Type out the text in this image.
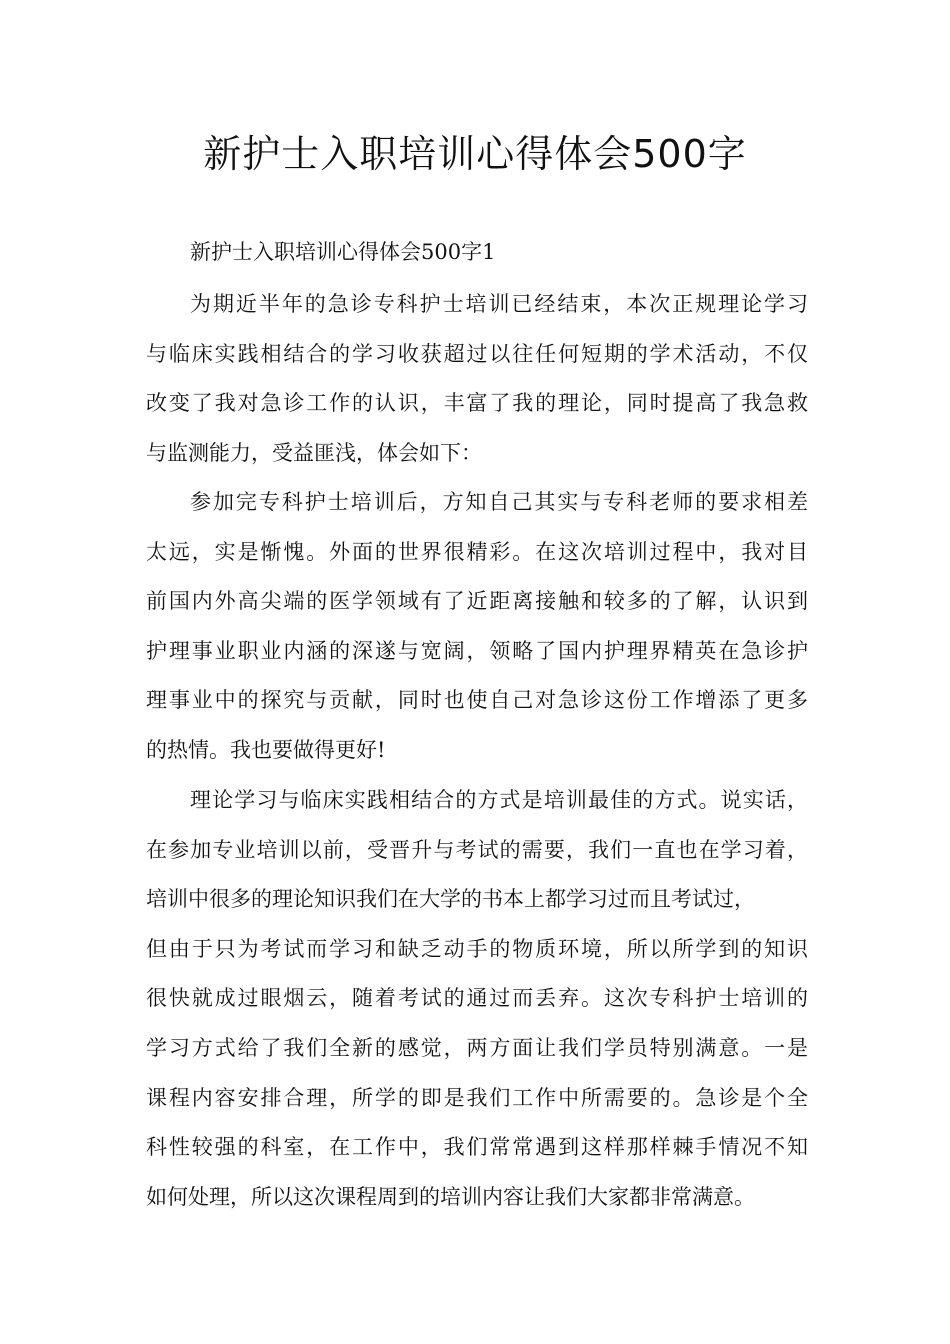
新护士入职培训心得体会500字

新护士入职培训心得体会500字1

为期近半年的急诊专科护士培训已经结束，本次正规理论学习
与临床实践相结合的学习收获超过以往任何短期的学术活动，不仅
改变了我对急诊工作的认识，丰富了我的理论，同时提高了我急救
与监测能力，受益匪浅，体会如下：
参加完专科护士培训后，方知自己其实与专科老师的要求相差
太远，实是惭愧。外面的世界很精彩。在这次培训过程中，我对目
前国内外高尖端的医学领域有了近距离接触和较多的了解，认识到
护理事业职业内涵的深遂与宽阔，领略了国内护理界精英在急诊护
理事业中的探究与贡献，同时也使自己对急诊这份工作增添了更多
的热情。我也要做得更好!
理论学习与临床实践相结合的方式是培训最佳的方式。说实话，
在参加专业培训以前，受晋升与考试的需要，我们一直也在学习着，
培训中很多的理论知识我们在大学的书本上都学习过而且考试过，
但由于只为考试而学习和缺乏动手的物质环境，所以所学到的知识
很快就成过眼烟云，随着考试的通过而丢弃。这次专科护士培训的
学习方式给了我们全新的感觉，两方面让我们学员特别满意。一是
课程内容安排合理，所学的即是我们工作中所需要的。急诊是个全
科性较强的科室，在工作中，我们常常遇到这样那样棘手情况不知
如何处理，所以这次课程周到的培训内容让我们大家都非常满意。
